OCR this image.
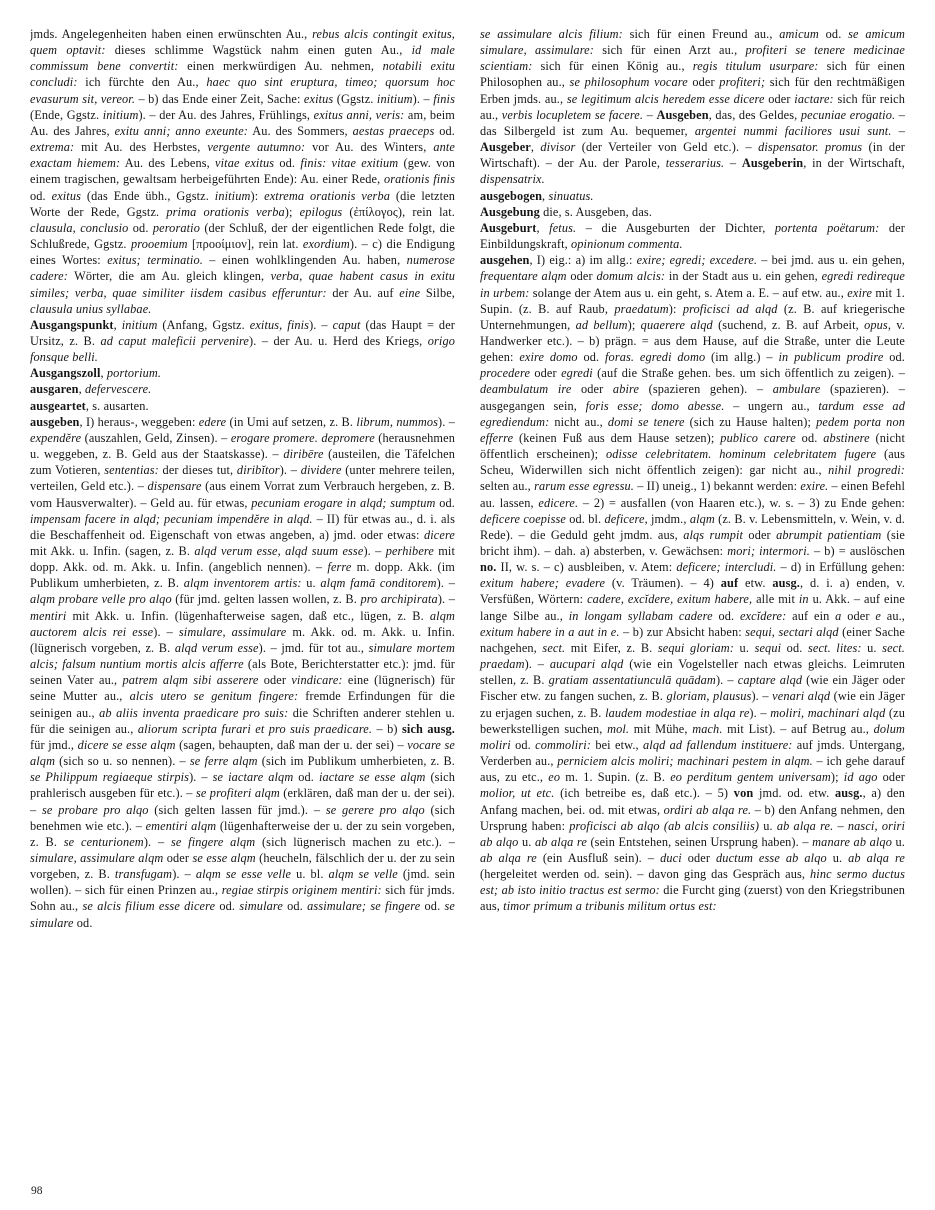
jmds. Angelegenheiten haben einen erwünschten Au., rebus alcis contingit exitus, quem optavit: dieses schlimme Wagstück nahm einen guten Au., id male commissum bene convertit: einen merkwürdigen Au. nehmen, notabili exitu concludi: ich fürchte den Au., haec quo sint eruptura, timeo; quorsum hoc evasurum sit, vereor. – b) das Ende einer Zeit, Sache: exitus (Ggstz. initium). – finis (Ende, Ggstz. initium). – der Au. des Jahres, Frühlings, exitus anni, veris: am, beim Au. des Jahres, exitu anni; anno exeunte: Au. des Sommers, aestas praeceps od. extrema: mit Au. des Herbstes, vergente autumno: vor Au. des Winters, ante exactam hiemem: Au. des Lebens, vitae exitus od. finis: vitae exitium (gew. von einem tragischen, gewaltsam herbeigeführten Ende): Au. einer Rede, orationis finis od. exitus (das Ende übh., Ggstz. initium): extrema orationis verba (die letzten Worte der Rede, Ggstz. prima orationis verba); epilogus (ἐπίλογος), rein lat. clausula, conclusio od. peroratio (der Schluß, der der eigentlichen Rede folgt, die Schlußrede, Ggstz. prooemium [προοίμιον], rein lat. exordium). – c) die Endigung eines Wortes: exitus; terminatio. – einen wohlklingenden Au. haben, numerose cadere: Wörter, die am Au. gleich klingen, verba, quae habent casus in exitu similes; verba, quae similiter iisdem casibus efferuntur: der Au. auf eine Silbe, clausula unius syllabae.

Ausgangspunkt, initium (Anfang, Ggstz. exitus, finis). – caput (das Haupt = der Ursitz, z. B. ad caput maleficii pervenire). – der Au. u. Herd des Kriegs, origo fonsque belli.

Ausgangszoll, portorium.

ausgaren, defervescere.

ausgeartet, s. ausarten.

ausgeben, I) heraus-, weggeben: edere (in Umi auf setzen, z. B. librum, nummos). – expendĕre (auszahlen, Geld, Zinsen). – erogare promere. depromere (herausnehmen u. weggeben, z. B. Geld aus der Staatskasse). – diribēre (austeilen, die Täfelchen zum Votieren, sententias: der dieses tut, diribĭtor). – dividere (unter mehrere teilen, verteilen, Geld etc.). – dispensare (aus einem Vorrat zum Verbrauch hergeben, z. B. vom Hausverwalter). – Geld au. für etwas, pecuniam erogare in alqd; sumptum od. impensam facere in alqd; pecuniam impendĕre in alqd. – II) für etwas au., d. i. als die Beschaffenheit od. Eigenschaft von etwas angeben, a) jmd. oder etwas: dicere mit Akk. u. Infin. (sagen, z. B. alqd verum esse, alqd suum esse). – perhibere mit dopp. Akk. od. m. Akk. u. Infin. (angeblich nennen). – ferre m. dopp. Akk. (im Publikum umherbieten, z. B. alqm inventorem artis: u. alqm famā conditorem). – alqm probare velle pro alqo (für jmd. gelten lassen wollen, z. B. pro archipirata). – mentiri mit Akk. u. Infin. (lügenhafterweise sagen, daß etc., lügen, z. B. alqm auctorem alcis rei esse). – simulare, assimulare m. Akk. od. m. Akk. u. Infin. (lügnerisch vorgeben, z. B. alqd verum esse). – jmd. für tot au., simulare mortem alcis; falsum nuntium mortis alcis afferre (als Bote, Berichterstatter etc.): jmd. für seinen Vater au., patrem alqm sibi asserere oder vindicare: eine (lügnerisch) für seine Mutter au., alcis utero se genitum fingere: fremde Erfindungen für die seinigen au., ab aliis inventa praedicare pro suis: die Schriften anderer stehlen u. für die seinigen au., aliorum scripta furari et pro suis praedicare. – b) sich ausg. für jmd., dicere se esse alqm (sagen, behaupten, daß man der u. der sei) – vocare se alqm (sich so u. so nennen). – se ferre alqm (sich im Publikum umherbieten, z. B. se Philippum regiaeque stirpis). – se iactare alqm od. iactare se esse alqm (sich prahlerisch ausgeben für etc.). – se profiteri alqm (erklären, daß man der u. der sei). – se probare pro alqo (sich gelten lassen für jmd.). – se gerere pro alqo (sich benehmen wie etc.). – ementiri alqm (lügenhafterweise der u. der zu sein vorgeben, z. B. se centurionem). – se fingere alqm (sich lügnerisch machen zu etc.). – simulare, assimulare alqm oder se esse alqm (heucheln, fälschlich der u. der zu sein vorgeben, z. B. transfugam). – alqm se esse velle u. bl. alqm se velle (jmd. sein wollen). – sich für einen Prinzen au., regiae stirpis originem mentiri: sich für jmds. Sohn au., se alcis filium esse dicere od. simulare od. assimulare; se fingere od. se simulare od.

se assimulare alcis filium: sich für einen Freund au., amicum od. se amicum simulare, assimulare: sich für einen Arzt au., profiteri se tenere medicinae scientiam: sich für einen König au., regis titulum usurpare: sich für einen Philosophen au., se philosophum vocare oder profiteri; sich für den rechtmäßigen Erben jmds. au., se legitimum alcis heredem esse dicere oder iactare: sich für reich au., verbis locupletem se facere. – Ausgeben, das, des Geldes, pecuniae erogatio. – das Silbergeld ist zum Au. bequemer, argentei nummi faciliores usui sunt. – Ausgeber, divisor (der Verteiler von Geld etc.). – dispensator. promus (in der Wirtschaft). – der Au. der Parole, tesserarius. – Ausgeberin, in der Wirtschaft, dispensatrix.

ausgebogen, sinuatus.

Ausgebung die, s. Ausgeben, das.

Ausgeburt, fetus. – die Ausgeburten der Dichter, portenta poëtarum: der Einbildungskraft, opinionum commenta.

ausgehen, I) eig.: a) im allg.: exire; egredi; excedere. – bei jmd. aus u. ein gehen, frequentare alqm oder domum alcis: in der Stadt aus u. ein gehen, egredi redireque in urbem: solange der Atem aus u. ein geht, s. Atem a. E. – auf etw. au., exire mit 1. Supin. (z. B. auf Raub, praedatum): proficisci ad alqd (z. B. auf kriegerische Unternehmungen, ad bellum); quaerere alqd (suchend, z. B. auf Arbeit, opus, v. Handwerker etc.). – b) prägn. = aus dem Hause, auf die Straße, unter die Leute gehen: exire domo od. foras. egredi domo (im allg.) – in publicum prodire od. procedere oder egredi (auf die Straße gehen. bes. um sich öffentlich zu zeigen). – deambulatum ire oder abire (spazieren gehen). – ambulare (spazieren). – ausgegangen sein, foris esse; domo abesse. – ungern au., tardum esse ad egrediendum: nicht au., domi se tenere (sich zu Hause halten); pedem porta non efferre (keinen Fuß aus dem Hause setzen); publico carere od. abstinere (nicht öffentlich erscheinen); odisse celebritatem. hominum celebritatem fugere (aus Scheu, Widerwillen sich nicht öffentlich zeigen): gar nicht au., nihil progredi: selten au., rarum esse egressu. – II) uneig., 1) bekannt werden: exire. – einen Befehl au. lassen, edicere. – 2) = ausfallen (von Haaren etc.), w. s. – 3) zu Ende gehen: deficere coepisse od. bl. deficere, jmdm., alqm (z. B. v. Lebensmitteln, v. Wein, v. d. Rede). – die Geduld geht jmdm. aus, alqs rumpit oder abrumpit patientiam (sie bricht ihm). – dah. a) absterben, v. Gewächsen: mori; intermori. – b) = auslöschen no. II, w. s. – c) ausbleiben, v. Atem: deficere; intercludi. – d) in Erfüllung gehen: exitum habere; evadere (v. Träumen). – 4) auf etw. ausg., d. i. a) enden, v. Versfüßen, Wörtern: cadere, excĭdere, exitum habere, alle mit in u. Akk. – auf eine lange Silbe au., in longam syllabam cadere od. excĭdere: auf ein a oder e au., exitum habere in a aut in e. – b) zur Absicht haben: sequi, sectari alqd (einer Sache nachgehen, sect. mit Eifer, z. B. sequi gloriam: u. sequi od. sect. lites: u. sect. praedam). – aucupari alqd (wie ein Vogelsteller nach etwas gleichs. Leimruten stellen, z. B. gratiam assentatiunculā quādam). – captare alqd (wie ein Jäger oder Fischer etw. zu fangen suchen, z. B. gloriam, plausus). – venari alqd (wie ein Jäger zu erjagen suchen, z. B. laudem modestiae in alqa re). – moliri, machinari alqd (zu bewerkstelligen suchen, mol. mit Mühe, mach. mit List). – auf Betrug au., dolum moliri od. commoliri: bei etw., alqd ad fallendum instituere: auf jmds. Untergang, Verderben au., perniciem alcis moliri; machinari pestem in alqm. – ich gehe darauf aus, zu etc., eo m. 1. Supin. (z. B. eo perditum gentem universam); id ago oder molior, ut etc. (ich betreibe es, daß etc.). – 5) von jmd. od. etw. ausg., a) den Anfang machen, bei. od. mit etwas, ordiri ab alqa re. – b) den Anfang nehmen, den Ursprung haben: proficisci ab alqo (ab alcis consiliis) u. ab alqa re. – nasci, oriri ab alqo u. ab alqa re (sein Entstehen, seinen Ursprung haben). – manare ab alqo u. ab alqa re (ein Ausfluß sein). – duci oder ductum esse ab alqo u. ab alqa re (hergeleitet werden od. sein). – davon ging das Gespräch aus, hinc sermo ductus est; ab isto initio tractus est sermo: die Furcht ging (zuerst) von den Kriegstribunen aus, timor primum a tribunis militum ortus est:

98
